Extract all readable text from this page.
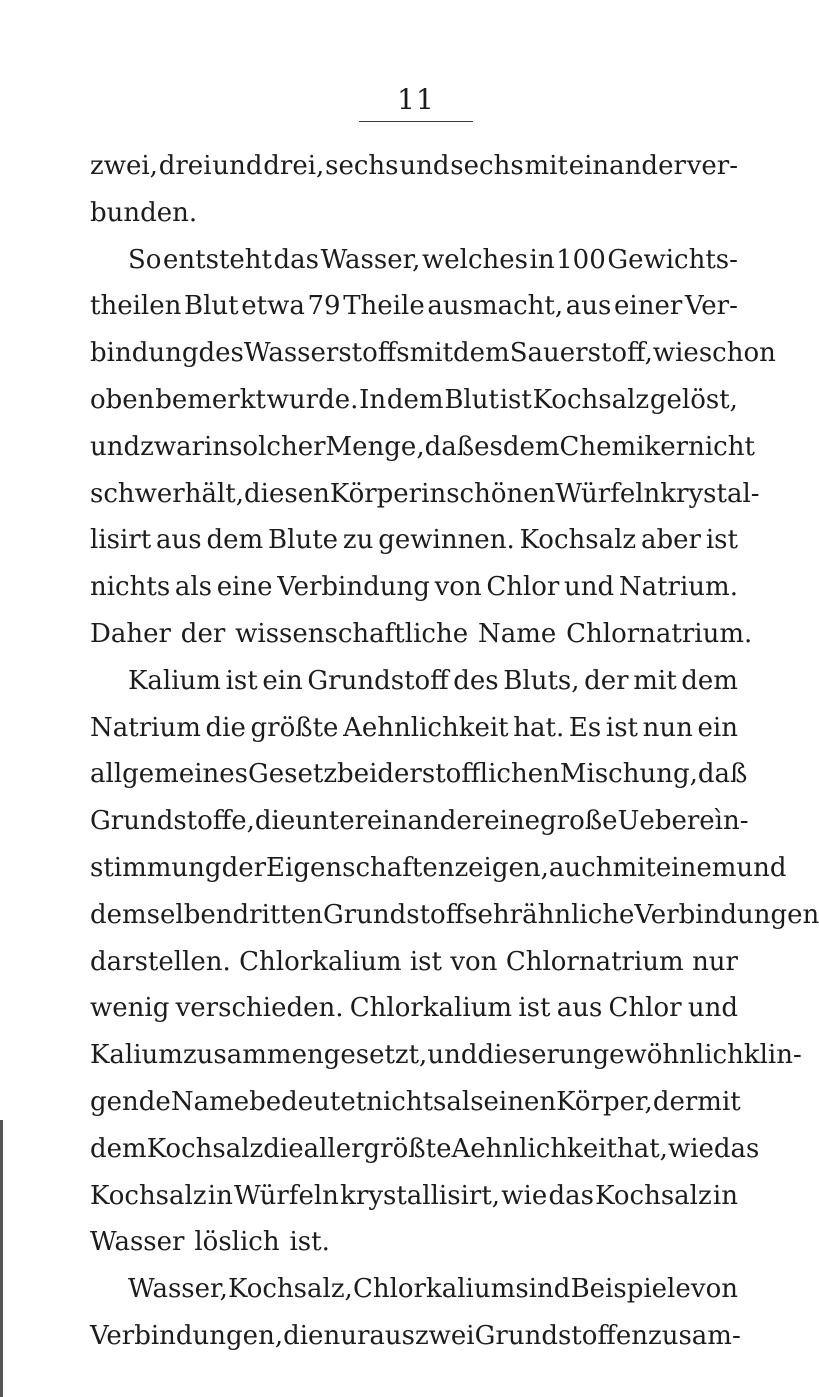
11
zwei, drei und drei, sechs und sechs mit einander ver-
bunden.
So entsteht das Wasser, welches in 100 Gewichts-
theilen Blut etwa 79 Theile ausmacht, aus einer Ver-
bindung des Wasserstoffs mit dem Sauerstoff, wie schon
oben bemerkt wurde. In dem Blut ist Kochsalz gelöst,
und zwar in solcher Menge, daß es dem Chemiker nicht
schwer hält, diesen Körper in schönen Würfeln krystal-
lisirt aus dem Blute zu gewinnen. Kochsalz aber ist
nichts als eine Verbindung von Chlor und Natrium.
Daher der wissenschaftliche Name Chlornatrium.
Kalium ist ein Grundstoff des Bluts, der mit dem
Natrium die größte Aehnlichkeit hat. Es ist nun ein
allgemeines Gesetz bei der stofflichen Mischung, daß
Grundstoffe, die unter einander eine große Uebereìn-
stimmung der Eigenschaften zeigen, auch mit einem und
demselben dritten Grundstoff sehr ähnliche Verbindungen
darstellen. Chlorkalium ist von Chlornatrium nur
wenig verschieden. Chlorkalium ist aus Chlor und
Kalium zusammengesetzt, und dieser ungewöhnlich klin-
gende Name bedeutet nichts als einen Körper, der mit
dem Kochsalz die allergrößte Aehnlichkeit hat, wie das
Kochsalz in Würfeln krystallisirt, wie das Kochsalz in
Wasser löslich ist.
Wasser, Kochsalz, Chlorkalium sind Beispiele von
Verbindungen, die nur aus zwei Grundstoffen zusam-
